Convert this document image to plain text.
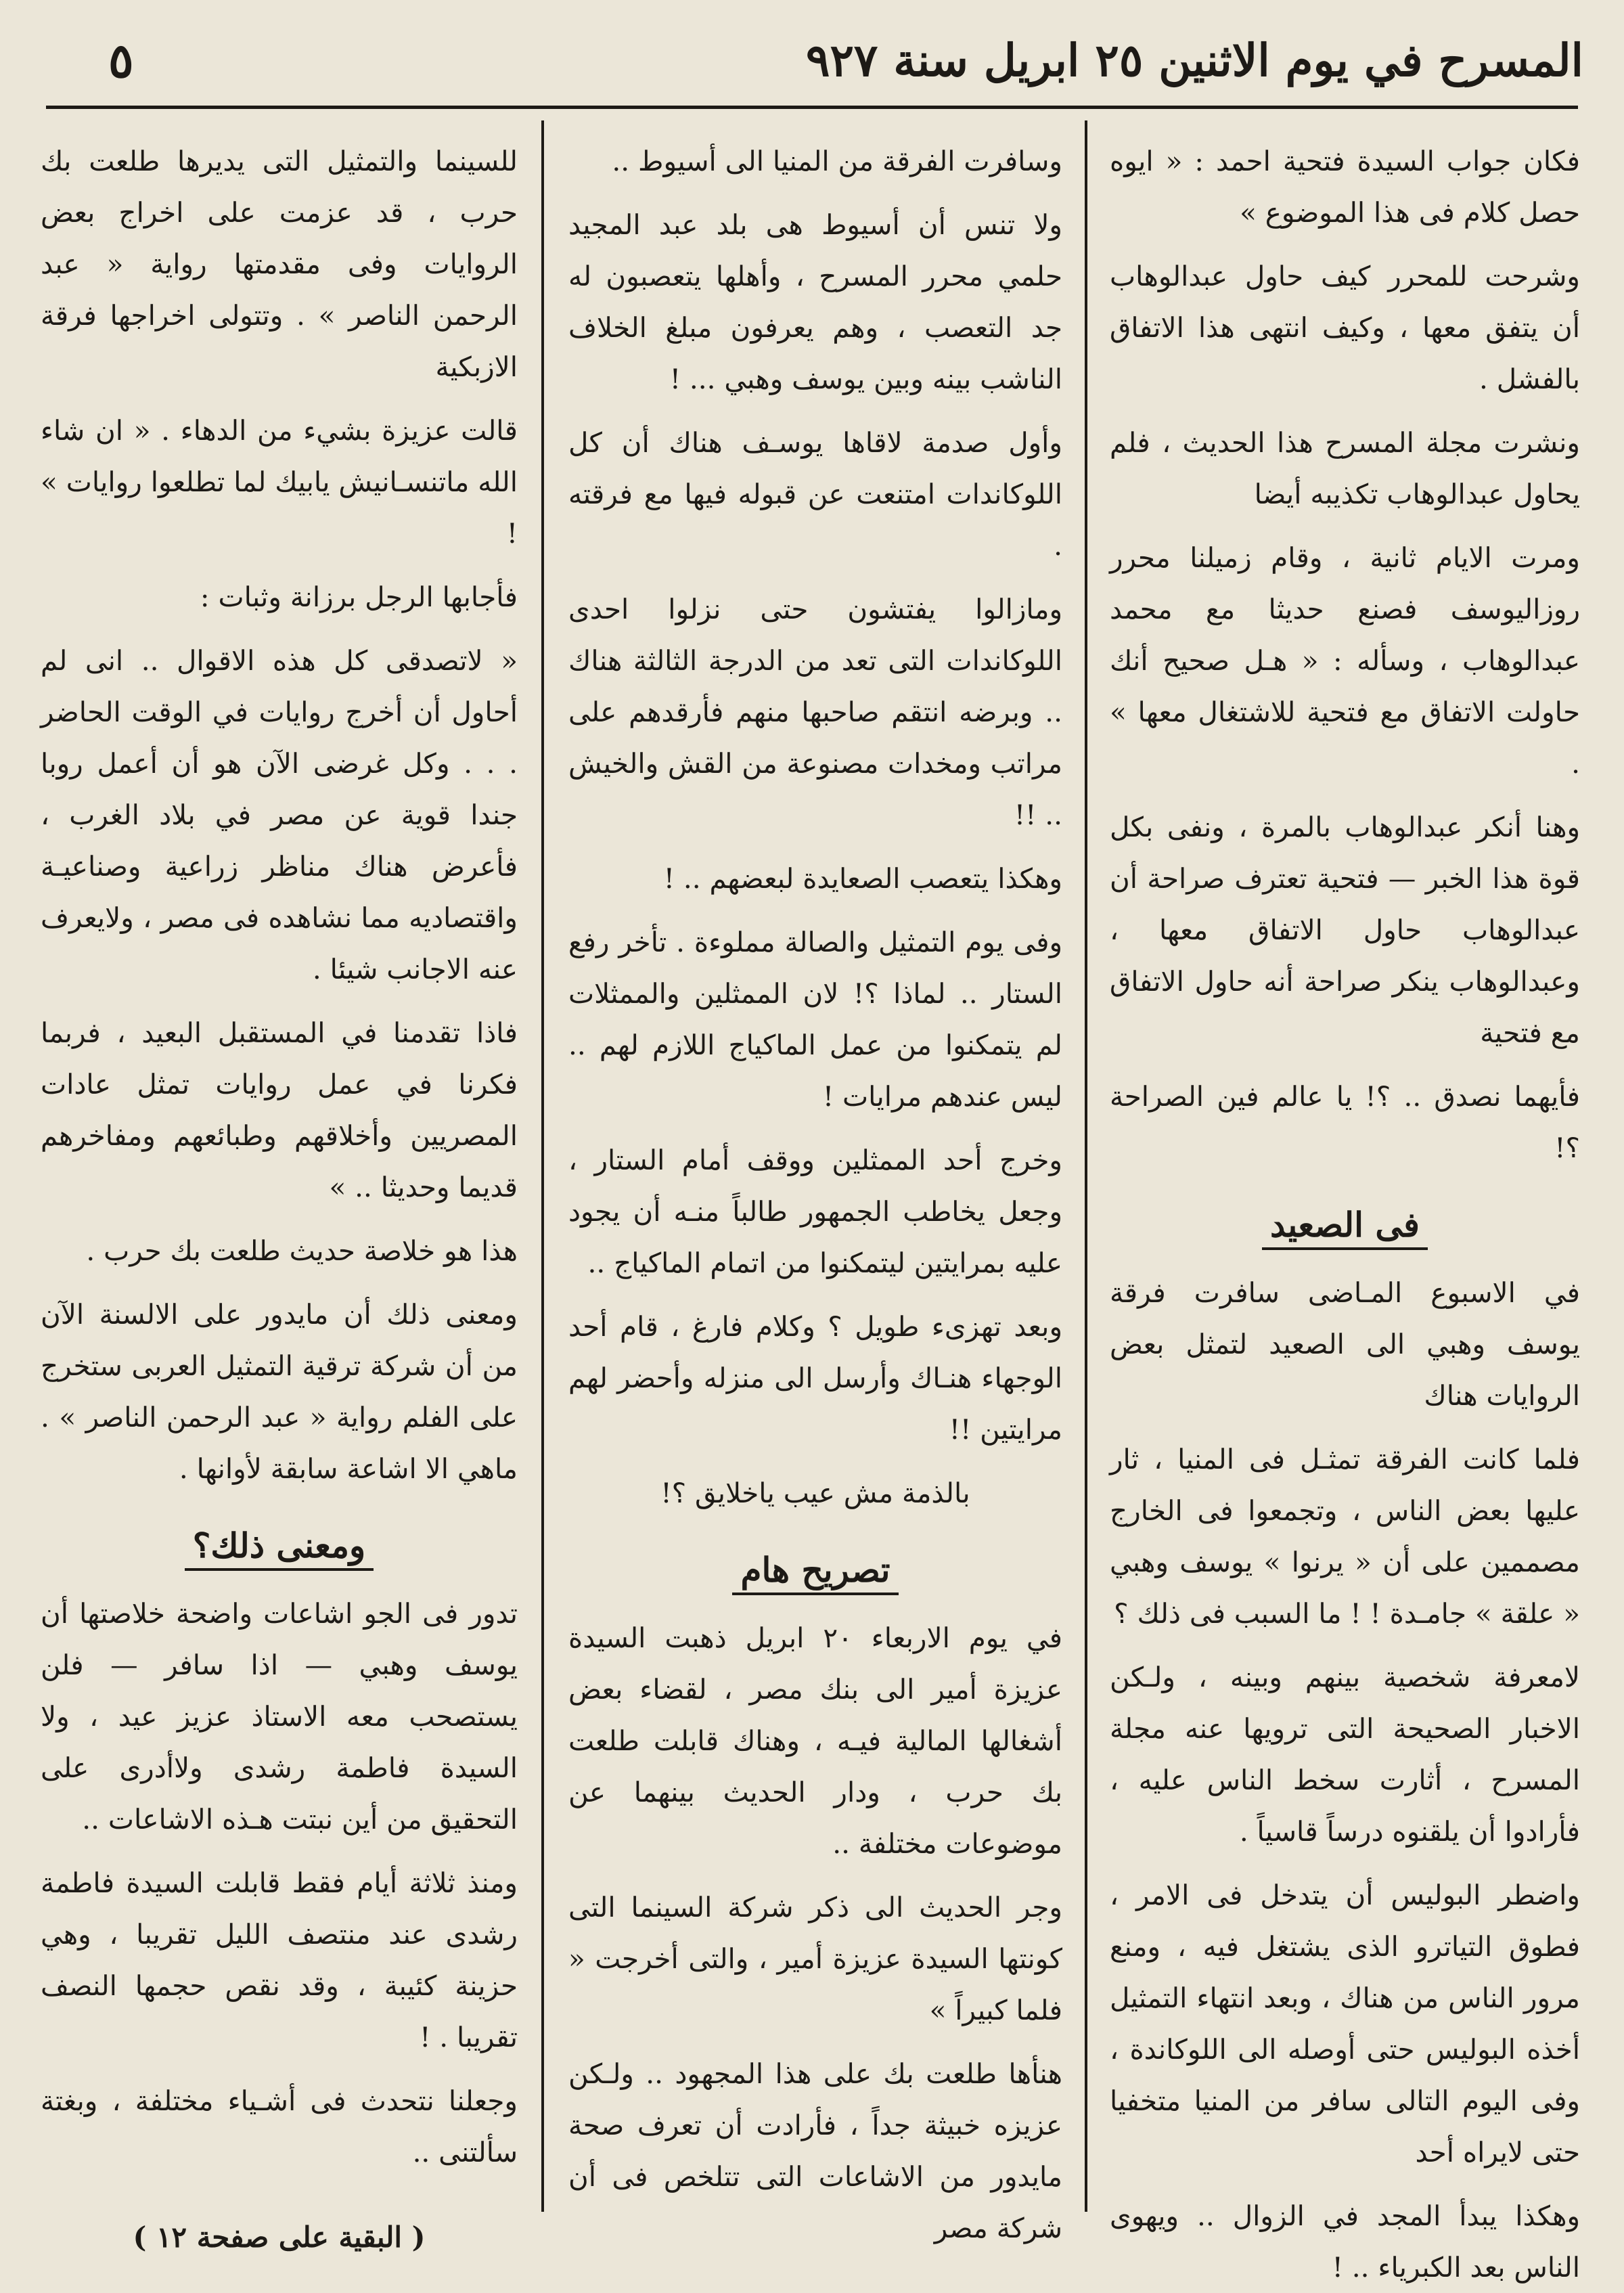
المسرح في يوم الاثنين ٢٥ ابريل سنة ٩٢٧
٥

فكان جواب السيدة فتحية احمد : « ايوه حصل كلام فى هذا الموضوع »

وشرحت للمحرر كيف حاول عبدالوهاب أن يتفق معها ، وكيف انتهى هذا الاتفاق بالفشل .

ونشرت مجلة المسرح هذا الحديث ، فلم يحاول عبدالوهاب تكذيبه أيضا

ومرت الايام ثانية ، وقام زميلنا محرر روزاليوسف فصنع حديثا مع محمد عبدالوهاب ، وسأله : « هـل صحيح أنك حاولت الاتفاق مع فتحية للاشتغال معها » .

وهنا أنكر عبدالوهاب بالمرة ، ونفى بكل قوة هذا الخبر — فتحية تعترف صراحة أن عبدالوهاب حاول الاتفاق معها ، وعبدالوهاب ينكر صراحة أنه حاول الاتفاق مع فتحية

فأيهما نصدق .. ؟! يا عالم فين الصراحة ؟!

فى الصعيد

في الاسبوع المـاضى سافرت فرقة يوسف وهبي الى الصعيد لتمثل بعض الروايات هناك

فلما كانت الفرقة تمثـل فى المنيا ، ثار عليها بعض الناس ، وتجمعوا فى الخارج مصممين على أن « يرنوا » يوسف وهبي « علقة » جامـدة ! ! ما السبب فى ذلك ؟

لامعرفة شخصية بينهم وبينه ، ولـكن الاخبار الصحيحة التى ترويها عنه مجلة المسرح ، أثارت سخط الناس عليه ، فأرادوا أن يلقنوه درساً قاسياً .

واضطر البوليس أن يتدخل فى الامر ، فطوق التياترو الذى يشتغل فيه ، ومنع مرور الناس من هناك ، وبعد انتهاء التمثيل أخذه البوليس حتى أوصله الى اللوكاندة ، وفى اليوم التالى سافر من المنيا متخفيا حتى لايراه أحد

وهكذا يبدأ المجد في الزوال .. ويهوى الناس بعد الكبرياء .. !

وسافرت الفرقة من المنيا الى أسيوط ..

ولا تنس أن أسيوط هى بلد عبد المجيد حلمي محرر المسرح ، وأهلها يتعصبون له جد التعصب ، وهم يعرفون مبلغ الخلاف الناشب بينه وبين يوسف وهبي ... !

وأول صدمة لاقاها يوسـف هناك أن كل اللوكاندات امتنعت عن قبوله فيها مع فرقته .

ومازالوا يفتشون حتى نزلوا احدى اللوكاندات التى تعد من الدرجة الثالثة هناك .. وبرضه انتقم صاحبها منهم فأرقدهم على مراتب ومخدات مصنوعة من القش والخيش .. !!

وهكذا يتعصب الصعايدة لبعضهم .. !

وفى يوم التمثيل والصالة مملوءة . تأخر رفع الستار .. لماذا ؟! لان الممثلين والممثلات لم يتمكنوا من عمل الماكياج اللازم لهم .. ليس عندهم مرايات !

وخرج أحد الممثلين ووقف أمام الستار ، وجعل يخاطب الجمهور طالباً منـه أن يجود عليه بمرايتين ليتمكنوا من اتمام الماكياج ..

وبعد تهزىء طويل ؟ وكلام فارغ ، قام أحد الوجهاء هنـاك وأرسل الى منزله وأحضر لهم مرايتين !!

بالذمة مش عيب ياخلايق ؟!

تصريح هام

في يوم الاربعاء ٢٠ ابريل ذهبت السيدة عزيزة أمير الى بنك مصر ، لقضاء بعض أشغالها المالية فيـه ، وهناك قابلت طلعت بك حرب ، ودار الحديث بينهما عن موضوعات مختلفة ..

وجر الحديث الى ذكر شركة السينما التى كونتها السيدة عزيزة أمير ، والتى أخرجت « فلما كبيراً »

هنأها طلعت بك على هذا المجهود .. ولـكن عزيزه خبيثة جداً ، فأرادت أن تعرف صحة مايدور من الاشاعات التى تتلخص فى أن شركة مصر

للسينما والتمثيل التى يديرها طلعت بك حرب ، قد عزمت على اخراج بعض الروايات وفى مقدمتها رواية « عبد الرحمن الناصر » . وتتولى اخراجها فرقة الازبكية

قالت عزيزة بشيء من الدهاء . « ان شاء الله ماتنسـانيش يابيك لما تطلعوا روايات » !

فأجابها الرجل برزانة وثبات :

« لاتصدقى كل هذه الاقوال .. انى لم أحاول أن أخرج روايات في الوقت الحاضر . . . وكل غرضى الآن هو أن أعمل روبا جندا قوية عن مصر في بلاد الغرب ، فأعرض هناك مناظر زراعية وصناعيـة واقتصاديه مما نشاهده فى مصر ، ولايعرف عنه الاجانب شيئا .

فاذا تقدمنا في المستقبل البعيد ، فربما فكرنا في عمل روايات تمثل عادات المصريين وأخلاقهم وطبائعهم ومفاخرهم قديما وحديثا .. »

هذا هو خلاصة حديث طلعت بك حرب .

ومعنى ذلك أن مايدور على الالسنة الآن من أن شركة ترقية التمثيل العربى ستخرج على الفلم رواية « عبد الرحمن الناصر » . ماهي الا اشاعة سابقة لأوانها .

ومعنى ذلك؟

تدور فى الجو اشاعات واضحة خلاصتها أن يوسف وهبي — اذا سافر — فلن يستصحب معه الاستاذ عزيز عيد ، ولا السيدة فاطمة رشدى ولاأدرى على التحقيق من أين نبتت هـذه الاشاعات ..

ومنذ ثلاثة أيام فقط قابلت السيدة فاطمة رشدى عند منتصف الليل تقريبا ، وهي حزينة كئيبة ، وقد نقص حجمها النصف تقريبا . !

وجعلنا نتحدث فى أشـياء مختلفة ، وبغتة سألتنى ..

( البقية على صفحة ١٢ )
